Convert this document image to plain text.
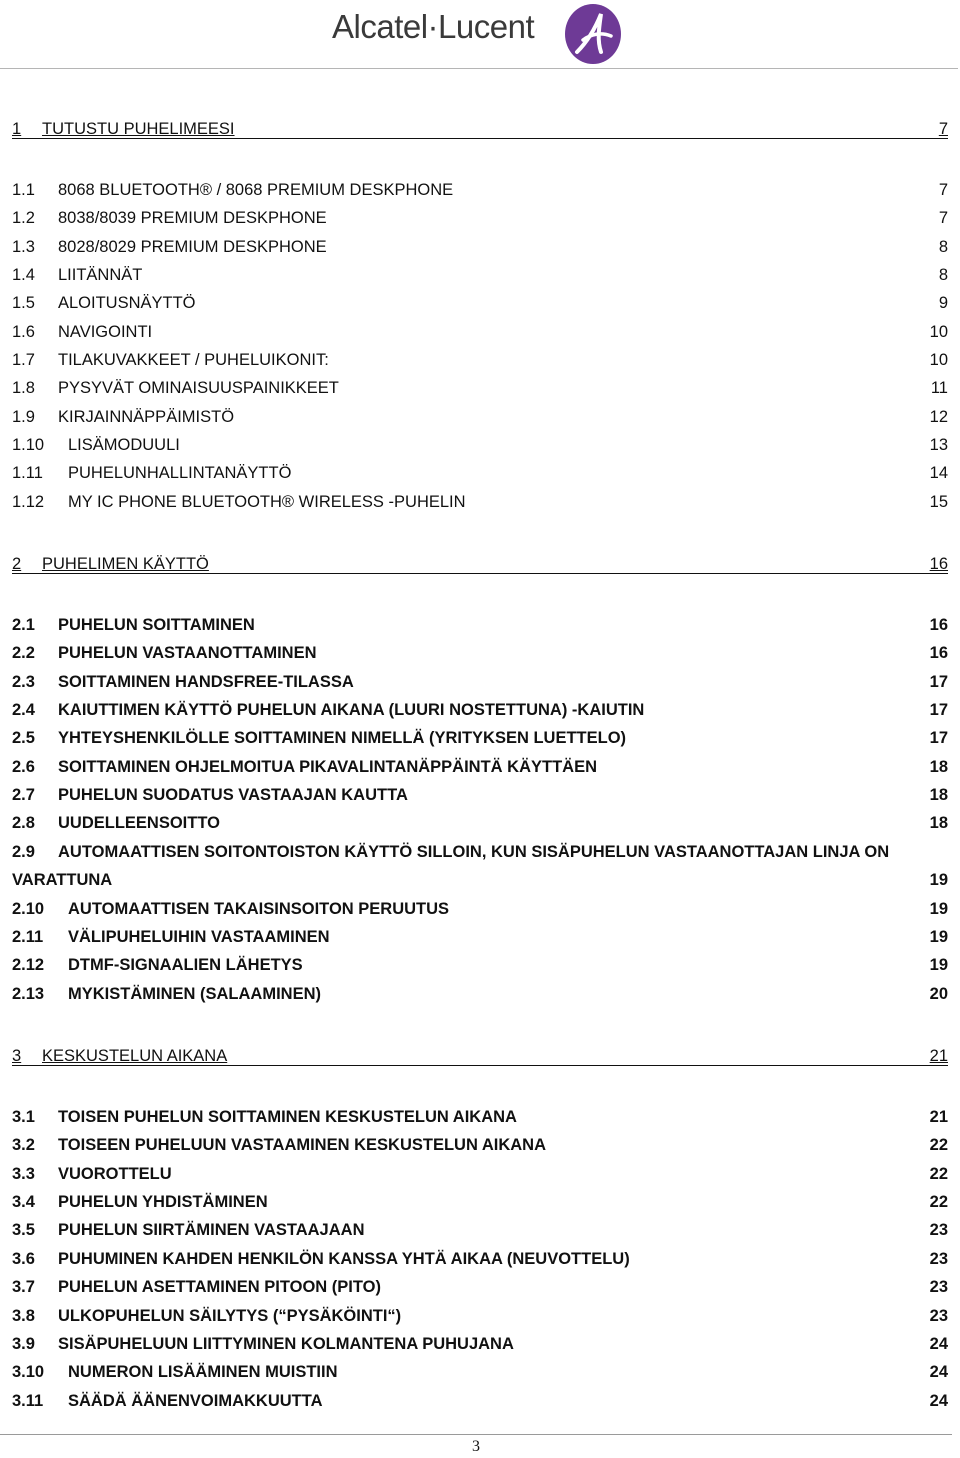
Alcatel·Lucent
1 TUTUSTU PUHELIMEESI	7
1.1 8068 BLUETOOTH® / 8068 PREMIUM DESKPHONE	7
1.2 8038/8039 PREMIUM DESKPHONE	7
1.3 8028/8029 PREMIUM DESKPHONE	8
1.4 LIITÄNNÄT	8
1.5 ALOITUSNÄYTTÖ	9
1.6 NAVIGOINTI	10
1.7 TILAKUVAKKEET / PUHELUIKONIT:	10
1.8 PYSYVÄT OMINAISUUSPAINIKKEET	11
1.9 KIRJAINNÄPPÄIMISTÖ	12
1.10 LISÄMODUULI	13
1.11 PUHELUNHALLINTANÄYTTÖ	14
1.12 MY IC PHONE BLUETOOTH® WIRELESS -PUHELIN	15
2 PUHELIMEN KÄYTTÖ	16
2.1 PUHELUN SOITTAMINEN	16
2.2 PUHELUN VASTAANOTTAMINEN	16
2.3 SOITTAMINEN HANDSFREE-TILASSA	17
2.4 KAIUTTIMEN KÄYTTÖ PUHELUN AIKANA (LUURI NOSTETTUNA) -KAIUTIN	17
2.5 YHTEYSHENKILÖLLE SOITTAMINEN NIMELLÄ (YRITYKSEN LUETTELO)	17
2.6 SOITTAMINEN OHJELMOITUA PIKAVALINTANÄPPÄINTÄ KÄYTTÄEN	18
2.7 PUHELUN SUODATUS VASTAAJAN KAUTTA	18
2.8 UUDELLEENSOITTO	18
2.9 AUTOMAATTISEN SOITONTOISTON KÄYTTÖ SILLOIN, KUN SISÄPUHELUN VASTAANOTTAJAN LINJA ON
VARATTUNA	19
2.10 AUTOMAATTISEN TAKAISINSOITON PERUUTUS	19
2.11 VÄLIPUHELUIHIN VASTAAMINEN	19
2.12 DTMF-SIGNAALIEN LÄHETYS	19
2.13 MYKISTÄMINEN (SALAAMINEN)	20
3 KESKUSTELUN AIKANA	21
3.1 TOISEN PUHELUN SOITTAMINEN KESKUSTELUN AIKANA	21
3.2 TOISEEN PUHELUUN VASTAAMINEN KESKUSTELUN AIKANA	22
3.3 VUOROTTELU	22
3.4 PUHELUN YHDISTÄMINEN	22
3.5 PUHELUN SIIRTÄMINEN VASTAAJAAN	23
3.6 PUHUMINEN KAHDEN HENKILÖN KANSSA YHTÄ AIKAA (NEUVOTTELU)	23
3.7 PUHELUN ASETTAMINEN PITOON (PITO)	23
3.8 ULKOPUHELUN SÄILYTYS (“PYSÄKÖINTI“)	23
3.9 SISÄPUHELUUN LIITTYMINEN KOLMANTENA PUHUJANA	24
3.10 NUMERON LISÄÄMINEN MUISTIIN	24
3.11 SÄÄDÄ ÄÄNENVOIMAKKUUTTA	24
3
